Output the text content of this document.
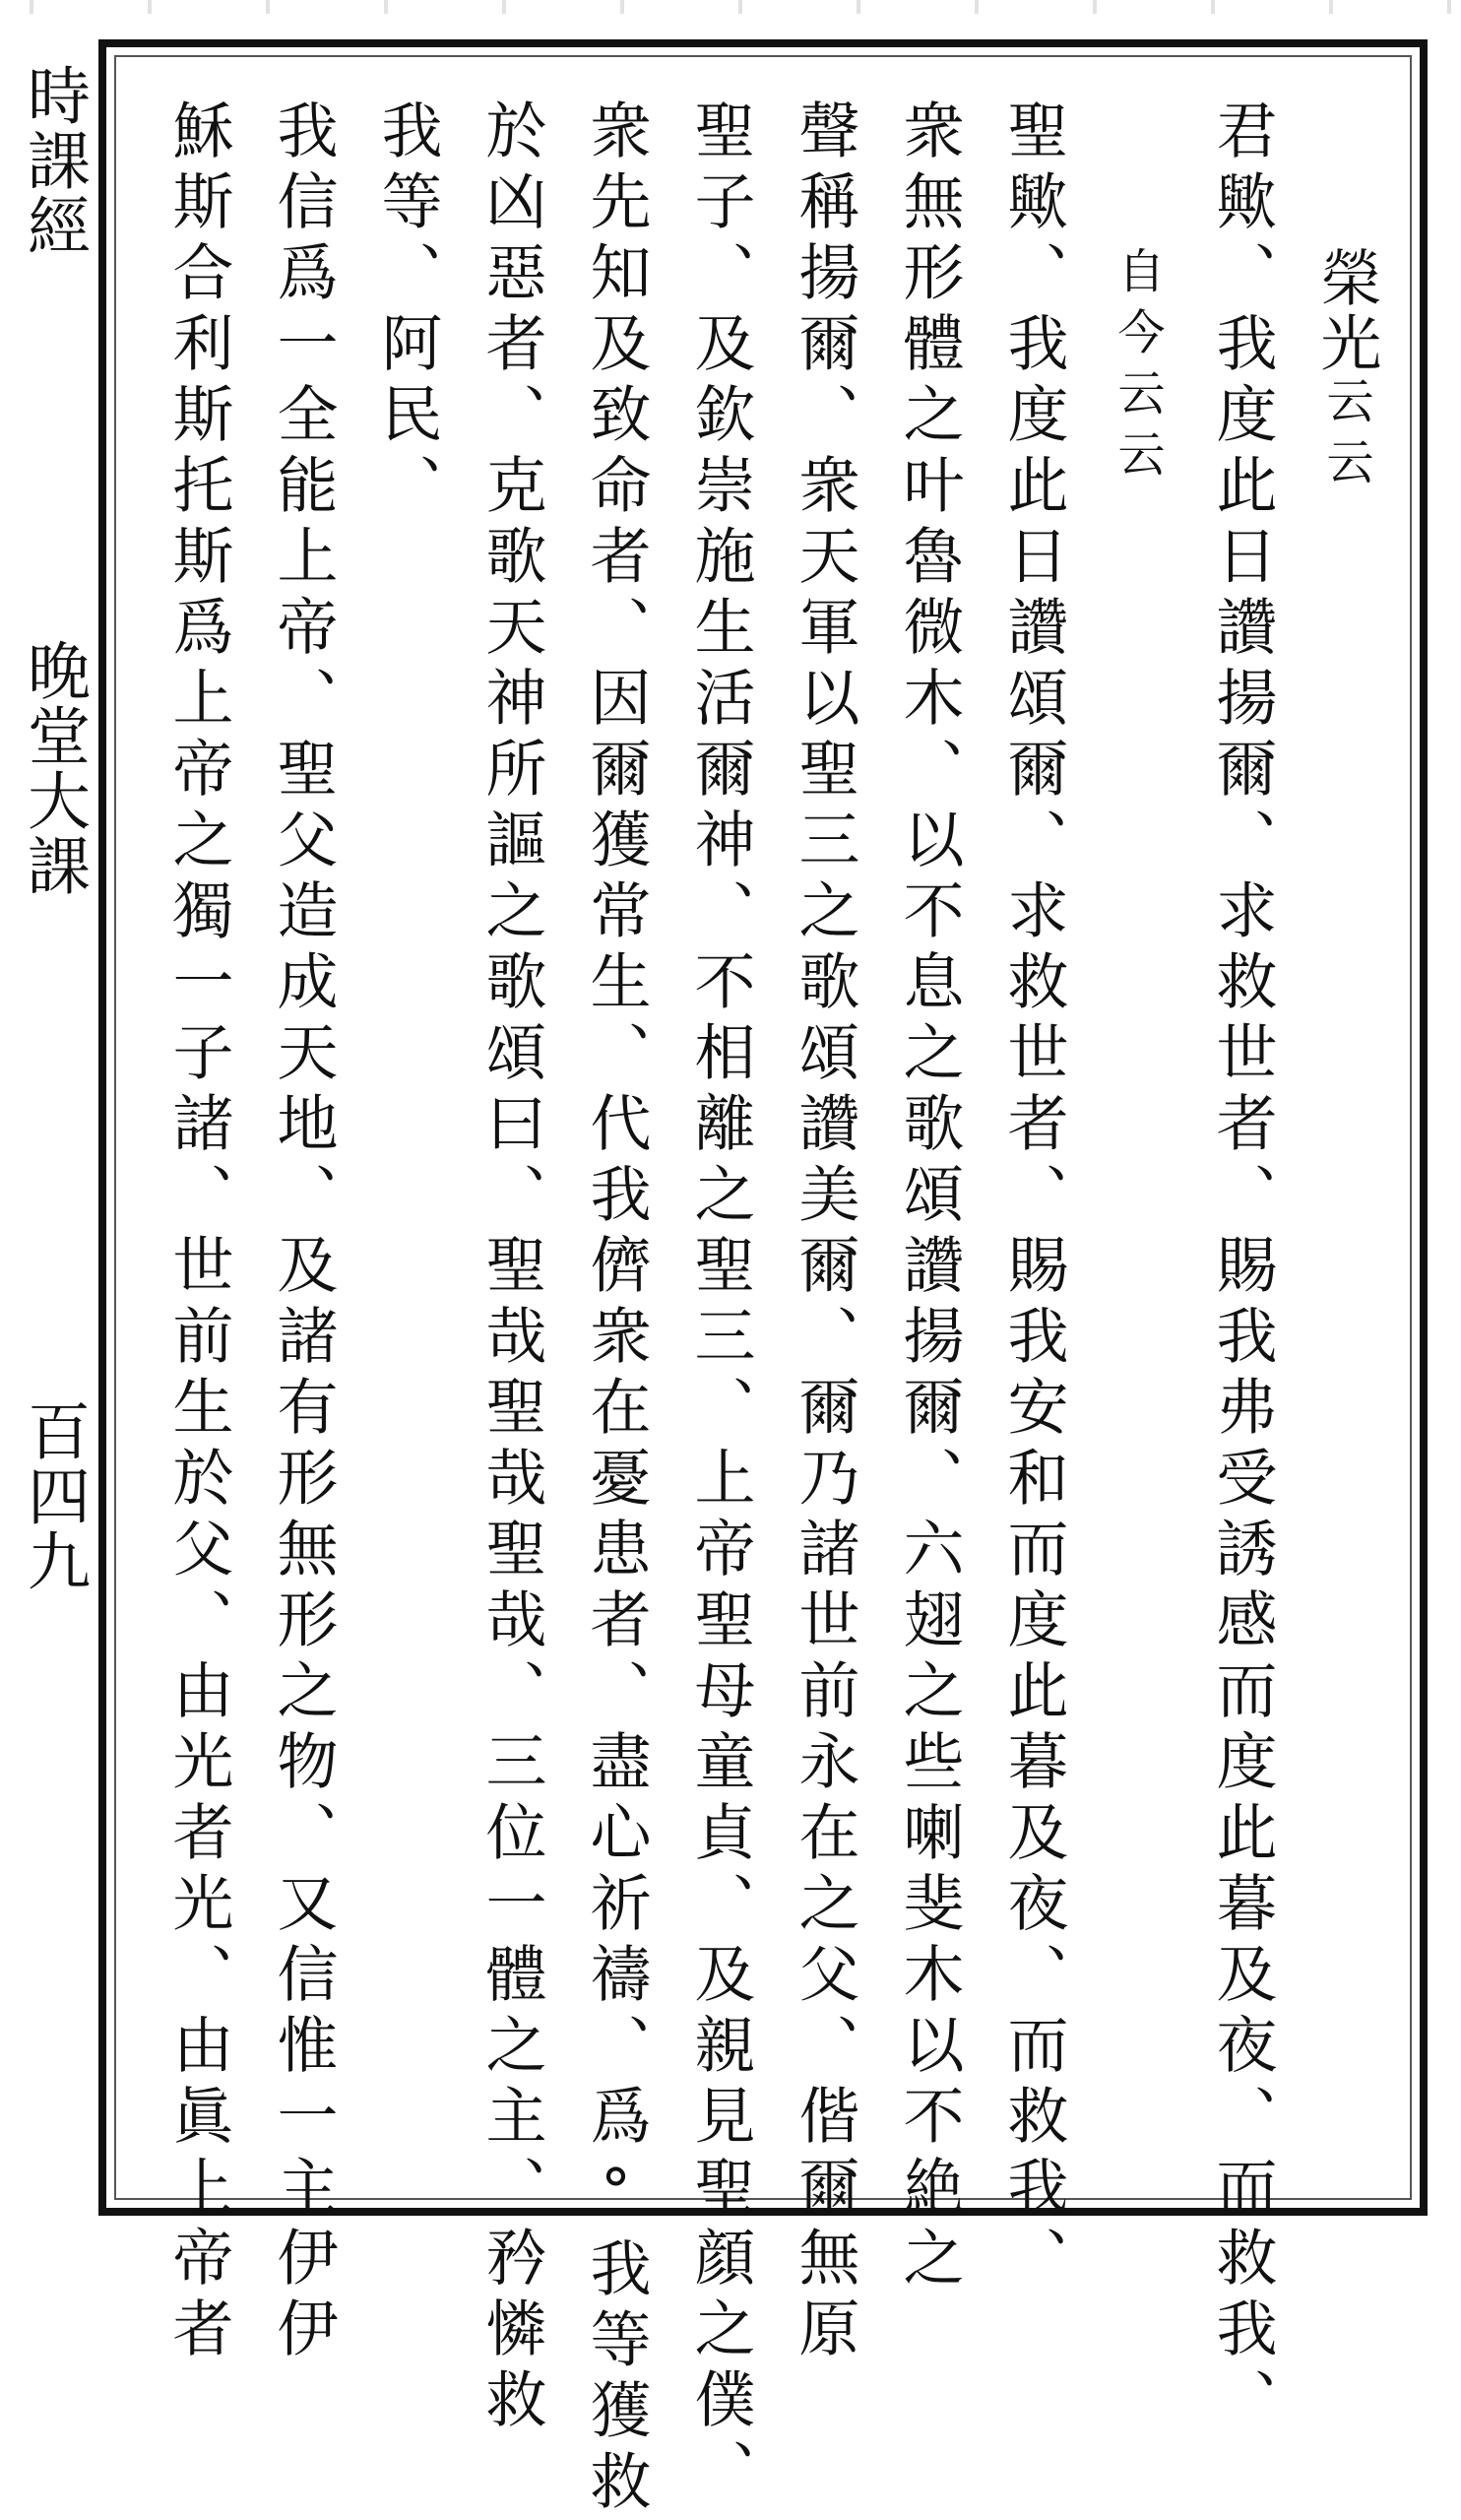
時課經
晚堂大課
百四九
榮光云云
君歟、我度此日讚揚爾、求救世者、賜我弗受誘感而度此暮及夜、而救我、
自今云云
聖歟、我度此日讚頌爾、求救世者、賜我安和而度此暮及夜、而救我、
衆無形體之叶魯微木、以不息之歌頌讚揚爾、六翅之些喇斐木以不絶之
聲稱揚爾、衆天軍以聖三之歌頌讚美爾、爾乃諸世前永在之父、偕爾無原
聖子、及欽崇施生活爾神、不相離之聖三、上帝聖母童貞、及親見聖顔之僕、
衆先知及致命者、因爾獲常生、代我儕衆在憂患者、盡心祈禱、爲°我等獲救
於凶惡者、克歌天神所謳之歌頌曰、聖哉聖哉聖哉、三位一體之主、矜憐救
我等、阿民、
我信爲一全能上帝、聖父造成天地、及諸有形無形之物、又信惟一主伊伊
穌斯合利斯托斯爲上帝之獨一子諸、世前生於父、由光者光、由眞上帝者
